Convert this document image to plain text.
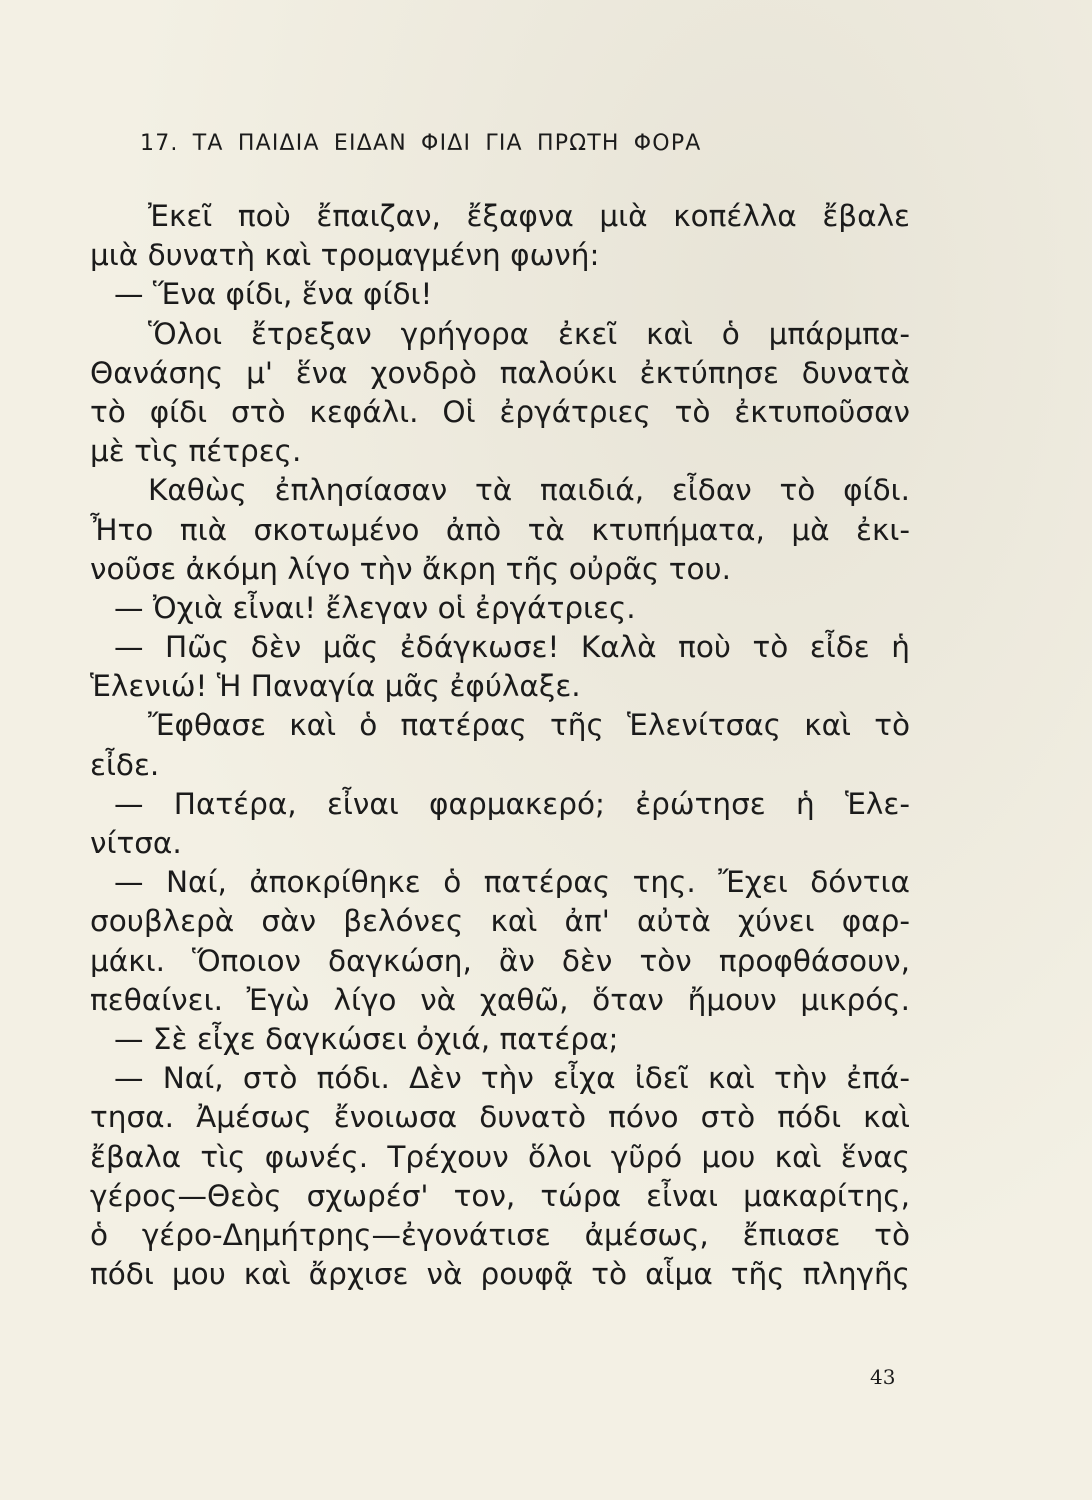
17. ΤΑ ΠΑΙΔΙΑ ΕΙΔΑΝ ΦΙΔΙ ΓΙΑ ΠΡΩΤΗ ΦΟΡΑ
Ἐκεῖ ποὺ ἔπαιζαν, ἔξαφνα μιὰ κοπέλλα ἔβαλε
μιὰ δυνατὴ καὶ τρομαγμένη φωνή:
— Ἕνα φίδι, ἕνα φίδι!
Ὅλοι ἔτρεξαν γρήγορα ἐκεῖ καὶ ὁ μπάρμπα-
Θανάσης μ' ἕνα χονδρὸ παλούκι ἐκτύπησε δυνατὰ
τὸ φίδι στὸ κεφάλι. Οἱ ἐργάτριες τὸ ἐκτυποῦσαν
μὲ τὶς πέτρες.
Καθὼς ἐπλησίασαν τὰ παιδιά, εἶδαν τὸ φίδι.
Ἦτο πιὰ σκοτωμένο ἀπὸ τὰ κτυπήματα, μὰ ἐκι-
νοῦσε ἀκόμη λίγο τὴν ἄκρη τῆς οὐρᾶς του.
— Ὀχιὰ εἶναι! ἔλεγαν οἱ ἐργάτριες.
— Πῶς δὲν μᾶς ἐδάγκωσε! Καλὰ ποὺ τὸ εἶδε ἡ
Ἑλενιώ! Ἡ Παναγία μᾶς ἐφύλαξε.
Ἔφθασε καὶ ὁ πατέρας τῆς Ἑλενίτσας καὶ τὸ
εἶδε.
— Πατέρα, εἶναι φαρμακερό; ἐρώτησε ἡ Ἑλε-
νίτσα.
— Ναί, ἀποκρίθηκε ὁ πατέρας της. Ἔχει δόντια
σουβλερὰ σὰν βελόνες καὶ ἀπ' αὐτὰ χύνει φαρ-
μάκι. Ὅποιον δαγκώση, ἂν δὲν τὸν προφθάσουν,
πεθαίνει. Ἐγὼ λίγο νὰ χαθῶ, ὅταν ἤμουν μικρός.
— Σὲ εἶχε δαγκώσει ὀχιά, πατέρα;
— Ναί, στὸ πόδι. Δὲν τὴν εἶχα ἰδεῖ καὶ τὴν ἐπά-
τησα. Ἀμέσως ἔνοιωσα δυνατὸ πόνο στὸ πόδι καὶ
ἔβαλα τὶς φωνές. Τρέχουν ὅλοι γῦρό μου καὶ ἕνας
γέρος—Θεὸς σχωρέσ' τον, τώρα εἶναι μακαρίτης,
ὁ γέρο-Δημήτρης—ἐγονάτισε ἀμέσως, ἔπιασε τὸ
πόδι μου καὶ ἄρχισε νὰ ρουφᾷ τὸ αἷμα τῆς πληγῆς
43
